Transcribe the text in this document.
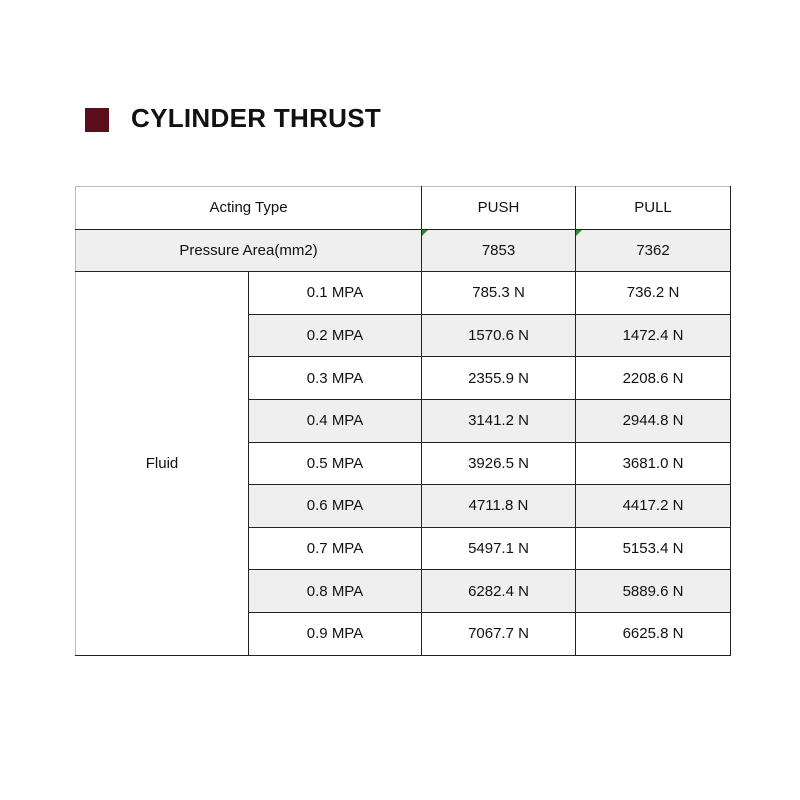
CYLINDER THRUST
Acting Type		PUSH	PULL
Pressure Area(mm2)		7853	7362
Fluid	0.1 MPA	785.3 N	736.2 N
	0.2 MPA	1570.6 N	1472.4 N
	0.3 MPA	2355.9 N	2208.6 N
	0.4 MPA	3141.2 N	2944.8 N
	0.5 MPA	3926.5 N	3681.0 N
	0.6 MPA	4711.8 N	4417.2 N
	0.7 MPA	5497.1 N	5153.4 N
	0.8 MPA	6282.4 N	5889.6 N
	0.9 MPA	7067.7 N	6625.8 N
